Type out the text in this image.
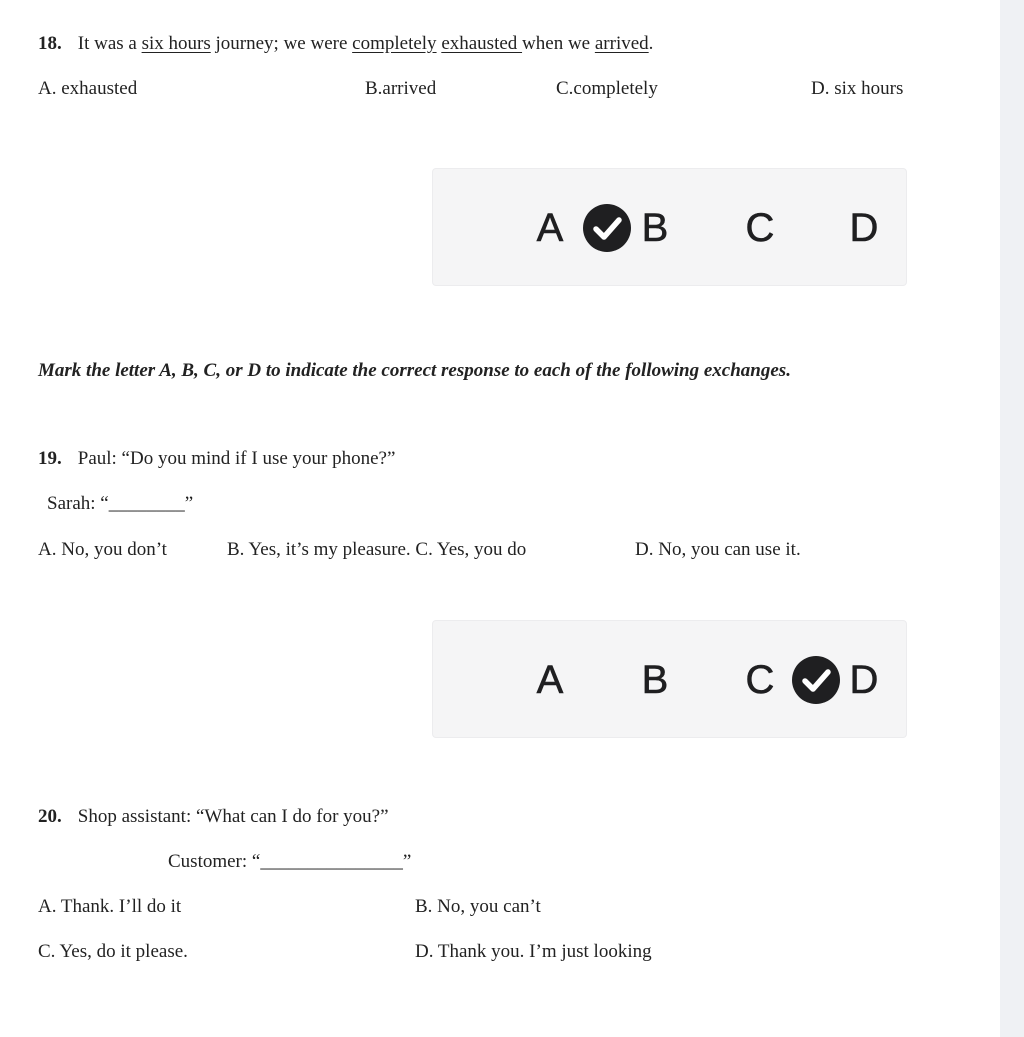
18. It was a six hours journey; we were completely exhausted when we arrived.
A. exhausted	B.arrived	C.completely	D. six hours
A B C D
Mark the letter A, B, C, or D to indicate the correct response to each of the following exchanges.
19. Paul: “Do you mind if I use your phone?”
Sarah: “________”
A. No, you don’t	B. Yes, it’s my pleasure. C. Yes, you do	D. No, you can use it.
A B C D
20. Shop assistant: “What can I do for you?”
Customer: “_______________”
A. Thank. I’ll do it	B. No, you can’t
C. Yes, do it please.	D. Thank you. I’m just looking
